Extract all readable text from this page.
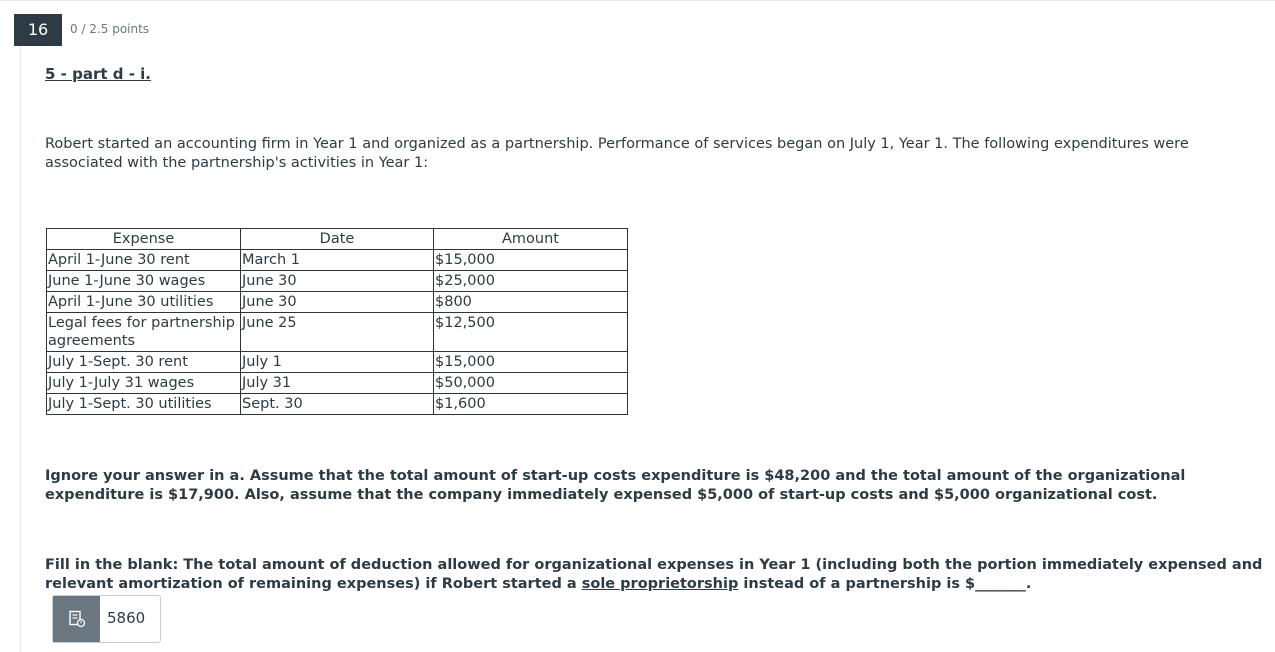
16	0 / 2.5 points
5 - part d - i.
Robert started an accounting firm in Year 1 and organized as a partnership. Performance of services began on July 1, Year 1. The following expenditures were associated with the partnership's activities in Year 1:
Expense	Date	Amount
April 1-June 30 rent	March 1	$15,000
June 1-June 30 wages	June 30	$25,000
April 1-June 30 utilities	June 30	$800
Legal fees for partnership agreements	June 25	$12,500
July 1-Sept. 30 rent	July 1	$15,000
July 1-July 31 wages	July 31	$50,000
July 1-Sept. 30 utilities	Sept. 30	$1,600
Ignore your answer in a. Assume that the total amount of start-up costs expenditure is $48,200 and the total amount of the organizational expenditure is $17,900. Also, assume that the company immediately expensed $5,000 of start-up costs and $5,000 organizational cost.
Fill in the blank: The total amount of deduction allowed for organizational expenses in Year 1 (including both the portion immediately expensed and relevant amortization of remaining expenses) if Robert started a sole proprietorship instead of a partnership is $_______.
5860
